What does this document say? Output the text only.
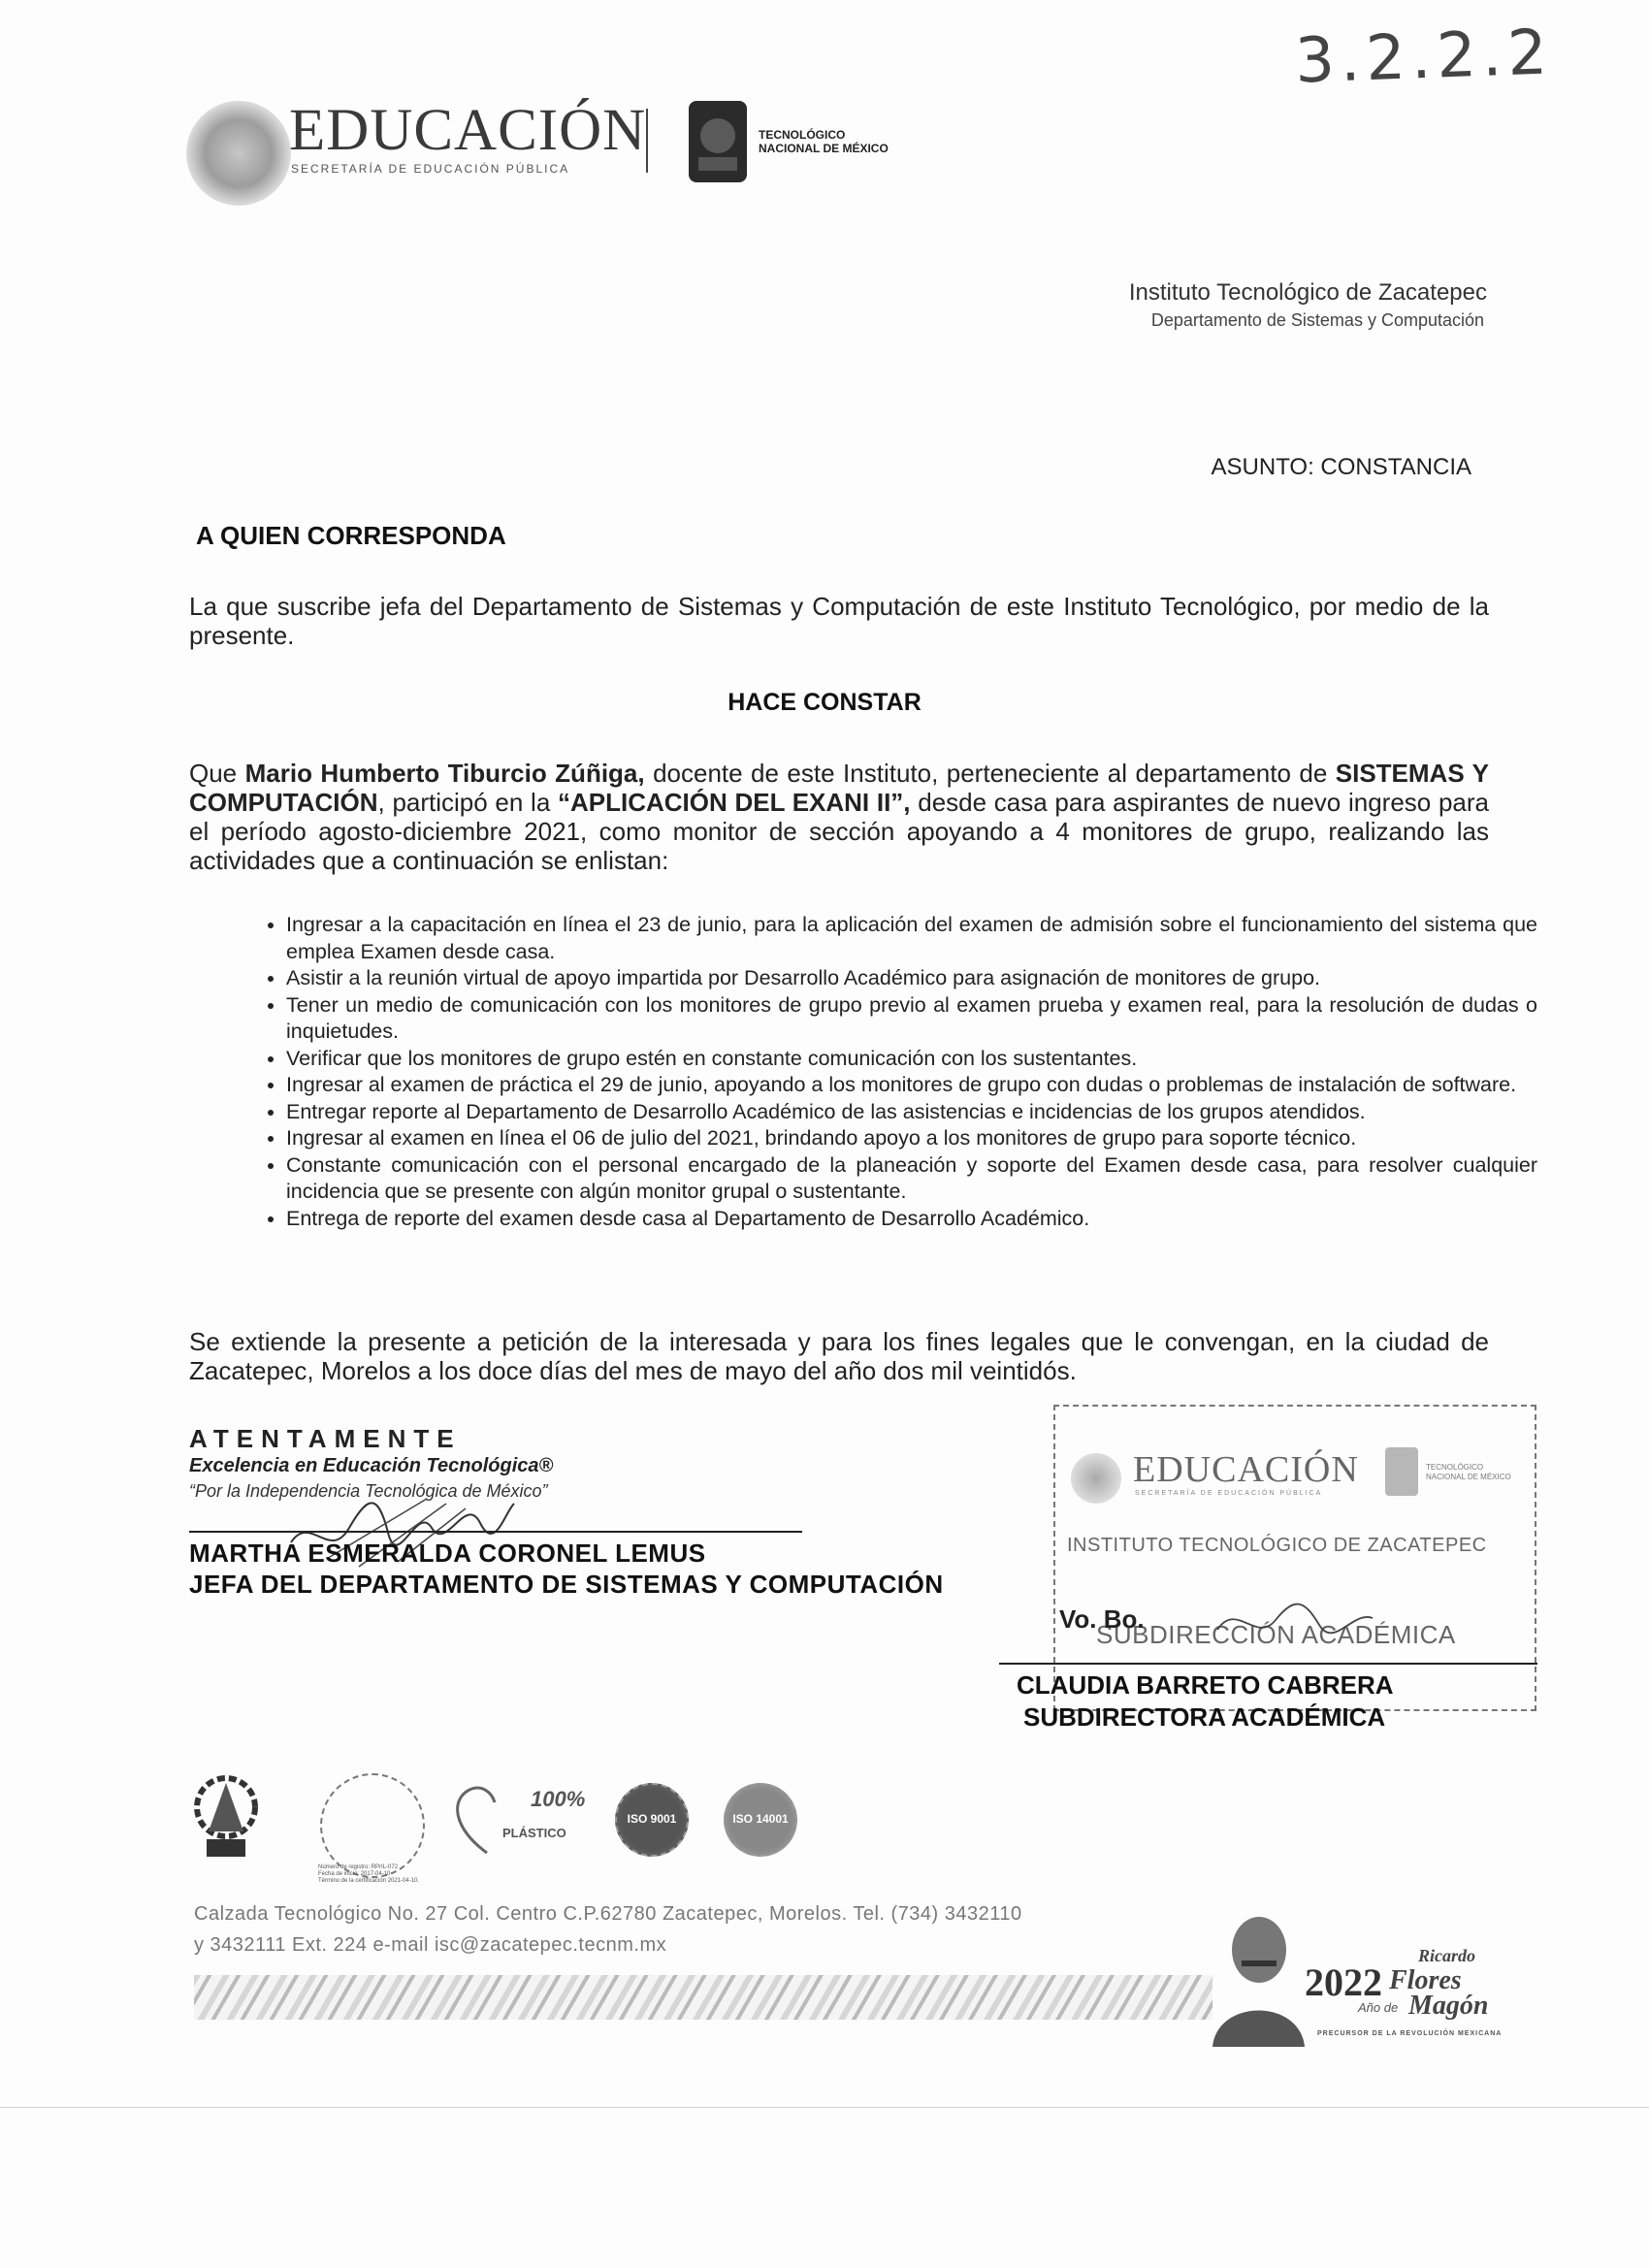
3.2.2.2
EDUCACIÓN
SECRETARÍA DE EDUCACIÓN PÚBLICA
TECNOLÓGICO
NACIONAL DE MÉXICO
Instituto Tecnológico de Zacatepec
Departamento de Sistemas y Computación
ASUNTO: CONSTANCIA
A QUIEN CORRESPONDA
La que suscribe jefa del Departamento de Sistemas y Computación de este Instituto Tecnológico, por medio de la presente.
HACE CONSTAR
Que Mario Humberto Tiburcio Zúñiga, docente de este Instituto, perteneciente al departamento de SISTEMAS Y COMPUTACIÓN, participó en la “APLICACIÓN DEL EXANI II”, desde casa para aspirantes de nuevo ingreso para el período agosto-diciembre 2021, como monitor de sección apoyando a 4 monitores de grupo, realizando las actividades que a continuación se enlistan:
• Ingresar a la capacitación en línea el 23 de junio, para la aplicación del examen de admisión sobre el funcionamiento del sistema que emplea Examen desde casa.
• Asistir a la reunión virtual de apoyo impartida por Desarrollo Académico para asignación de monitores de grupo.
• Tener un medio de comunicación con los monitores de grupo previo al examen prueba y examen real, para la resolución de dudas o inquietudes.
• Verificar que los monitores de grupo estén en constante comunicación con los sustentantes.
• Ingresar al examen de práctica el 29 de junio, apoyando a los monitores de grupo con dudas o problemas de instalación de software.
• Entregar reporte al Departamento de Desarrollo Académico de las asistencias e incidencias de los grupos atendidos.
• Ingresar al examen en línea el 06 de julio del 2021, brindando apoyo a los monitores de grupo para soporte técnico.
• Constante comunicación con el personal encargado de la planeación y soporte del Examen desde casa, para resolver cualquier incidencia que se presente con algún monitor grupal o sustentante.
• Entrega de reporte del examen desde casa al Departamento de Desarrollo Académico.
Se extiende la presente a petición de la interesada y para los fines legales que le convengan, en la ciudad de Zacatepec, Morelos a los doce días del mes de mayo del año dos mil veintidós.
ATENTAMENTE
Excelencia en Educación Tecnológica®
“Por la Independencia Tecnológica de México”
MARTHA ESMERALDA CORONEL LEMUS
JEFA DEL DEPARTAMENTO DE SISTEMAS Y COMPUTACIÓN
EDUCACIÓN
SECRETARÍA DE EDUCACIÓN PÚBLICA
TECNOLÓGICO NACIONAL DE MÉXICO
INSTITUTO TECNOLÓGICO DE ZACATEPEC
SUBDIRECCIÓN ACADÉMICA
Vo. Bo.
CLAUDIA BARRETO CABRERA
SUBDIRECTORA ACADÉMICA
Número de registro: RPrIL-072
Fecha de inicio: 2017-04-10
Término de la certificación 2021-04-10.
100%
PLÁSTICO
ISO 9001	ISO 14001
Calzada Tecnológico No. 27 Col. Centro C.P.62780 Zacatepec, Morelos. Tel. (734) 3432110
y 3432111 Ext. 224 e-mail isc@zacatepec.tecnm.mx
2022
Ricardo
Flores
Magón
Año de
PRECURSOR DE LA REVOLUCIÓN MEXICANA
